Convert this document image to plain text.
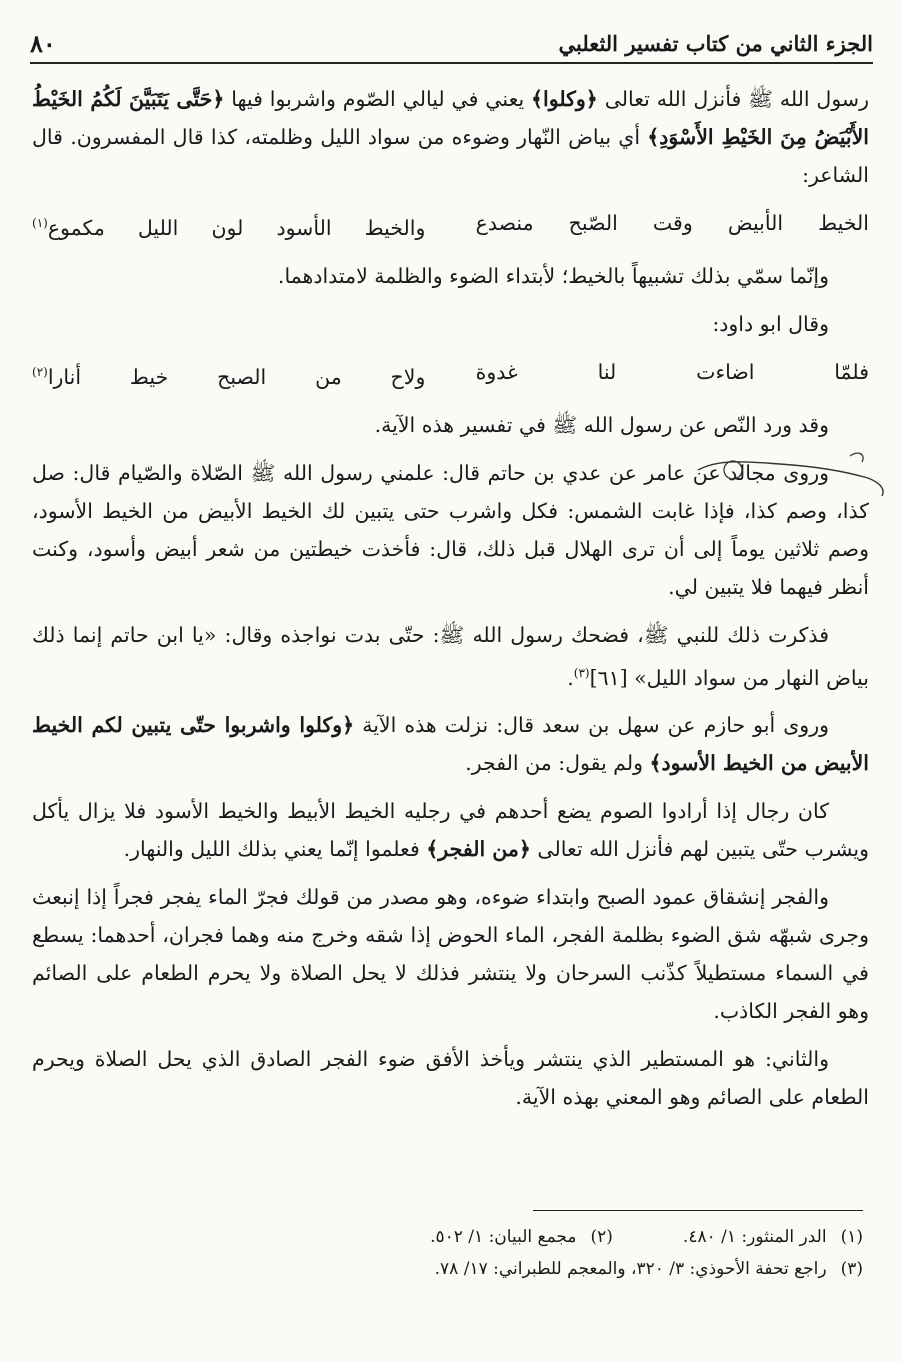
٨٠	الجزء الثاني من كتاب تفسير الثعلبي

رسول الله ﷺ فأنزل الله تعالى ﴿وكلوا﴾ يعني في ليالي الصّوم واشربوا فيها ﴿حَتَّى يَتَبَيَّنَ لَكُمُ الخَيْطُ الأَبْيَضُ مِنَ الخَيْطِ الأَسْوَدِ﴾ أي بياض النّهار وضوءه من سواد الليل وظلمته، كذا قال المفسرون. قال الشاعر:

الخيط الأبيض وقت الصّبح منصدع
والخيط الأسود لون الليل مكموع$^{(١)}$

وإنّما سمّي بذلك تشبيهاً بالخيط؛ لأبتداء الضوء والظلمة لامتدادهما.

وقال ابو داود:

فلمّا اضاءت لنا غدوة
ولاح من الصبح خيط أنارا$^{(٢)}$

وقد ورد النّص عن رسول الله ﷺ في تفسير هذه الآية.

وروى مجالد عن عامر عن عدي بن حاتم قال: علمني رسول الله ﷺ الصّلاة والصّيام قال: صل كذا، وصم كذا، فإذا غابت الشمس: فكل واشرب حتى يتبين لك الخيط الأبيض من الخيط الأسود، وصم ثلاثين يوماً إلى أن ترى الهلال قبل ذلك، قال: فأخذت خيطتين من شعر أبيض وأسود، وكنت أنظر فيهما فلا يتبين لي.

فذكرت ذلك للنبي ﷺ، فضحك رسول الله ﷺ: حتّى بدت نواجذه وقال: «يا ابن حاتم إنما ذلك بياض النهار من سواد الليل» [٦١]$^{(٣)}$.

وروى أبو حازم عن سهل بن سعد قال: نزلت هذه الآية ﴿وكلوا واشربوا حتّى يتبين لكم الخيط الأبيض من الخيط الأسود﴾ ولم يقول: من الفجر.

كان رجال إذا أرادوا الصوم يضع أحدهم في رجليه الخيط الأبيط والخيط الأسود فلا يزال يأكل ويشرب حتّى يتبين لهم فأنزل الله تعالى ﴿من الفجر﴾ فعلموا إنّما يعني بذلك الليل والنهار.

والفجر إنشقاق عمود الصبح وابتداء ضوءه، وهو مصدر من قولك فجرّ الماء يفجر فجراً إذا إنبعث وجرى شبهّه شق الضوء بظلمة الفجر، الماء الحوض إذا شقه وخرج منه وهما فجران، أحدهما: يسطع في السماء مستطيلاً كذّنب السرحان ولا ينتشر فذلك لا يحل الصلاة ولا يحرم الطعام على الصائم وهو الفجر الكاذب.

والثاني: هو المستطير الذي ينتشر ويأخذ الأفق ضوء الفجر الصادق الذي يحل الصلاة ويحرم الطعام على الصائم وهو المعني بهذه الآية.

(١)الدر المنثور: ١/ ٤٨٠.
(٢)مجمع البيان: ١/ ٥٠٢.
(٣)راجع تحفة الأحوذي: ٣/ ٣٢٠، والمعجم للطبراني: ١٧/ ٧٨.
